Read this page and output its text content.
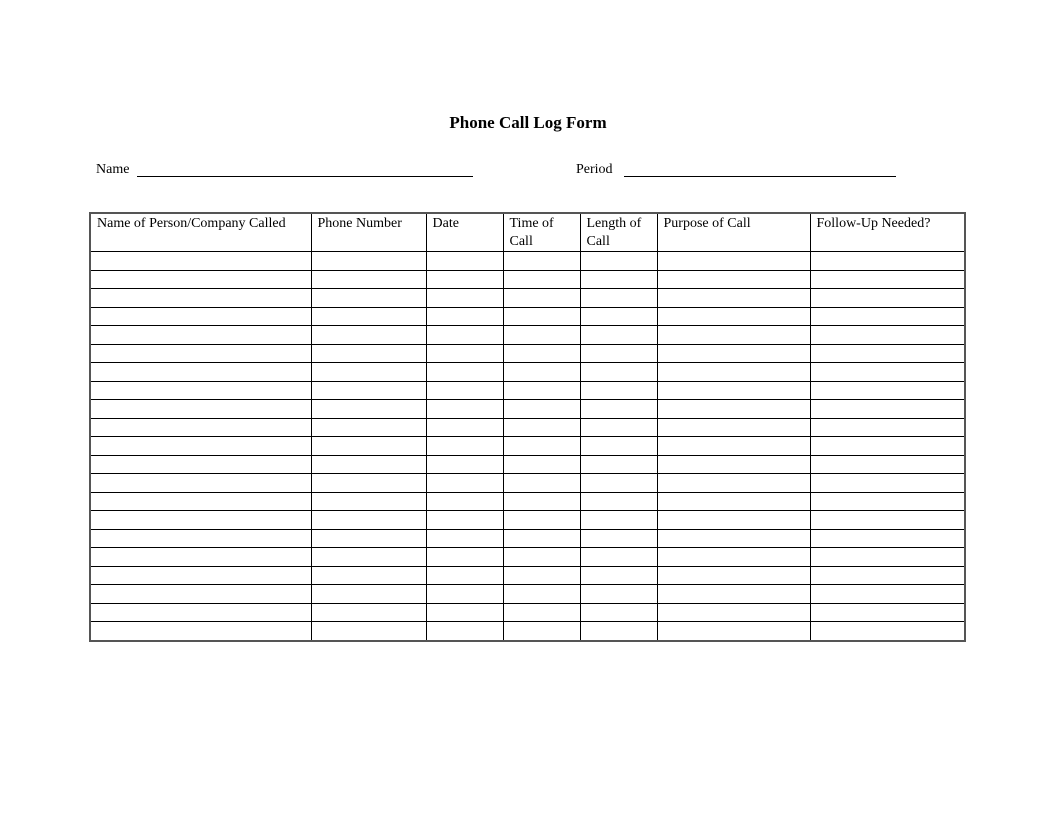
Phone Call Log Form
Name	Period
Name of Person/Company Called	Phone Number	Date	Time of Call	Length of Call	Purpose of Call	Follow-Up Needed?
